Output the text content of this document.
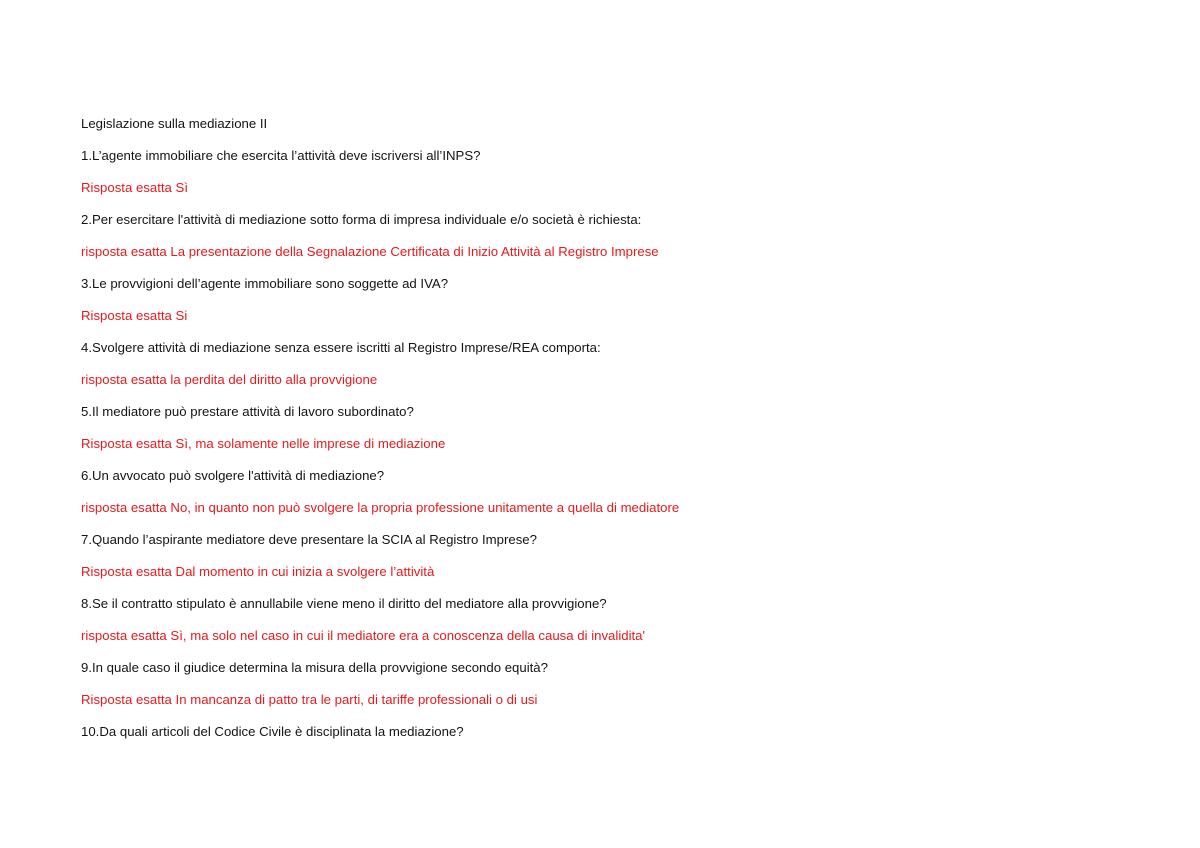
Legislazione sulla mediazione II
1.L’agente immobiliare che esercita l’attività deve iscriversi all’INPS?
Risposta esatta Sì
2.Per esercitare l'attività di mediazione sotto forma di impresa individuale e/o società è richiesta:
risposta esatta La presentazione della Segnalazione Certificata di Inizio Attività al Registro Imprese
3.Le provvigioni dell’agente immobiliare sono soggette ad IVA?
Risposta esatta Si
4.Svolgere attività di mediazione senza essere iscritti al Registro Imprese/REA comporta:
risposta esatta la perdita del diritto alla provvigione
5.Il mediatore può prestare attività di lavoro subordinato?
Risposta esatta Sì, ma solamente nelle imprese di mediazione
6.Un avvocato può svolgere l'attività di mediazione?
risposta esatta No, in quanto non può svolgere la propria professione unitamente a quella di mediatore
7.Quando l’aspirante mediatore deve presentare la SCIA al Registro Imprese?
Risposta esatta Dal momento in cui inizia a svolgere l’attività
8.Se il contratto stipulato è annullabile viene meno il diritto del mediatore alla provvigione?
risposta esatta Sì, ma solo nel caso in cui il mediatore era a conoscenza della causa di invalidita'
9.In quale caso il giudice determina la misura della provvigione secondo equità?
Risposta esatta In mancanza di patto tra le parti, di tariffe professionali o di usi
10.Da quali articoli del Codice Civile è disciplinata la mediazione?
